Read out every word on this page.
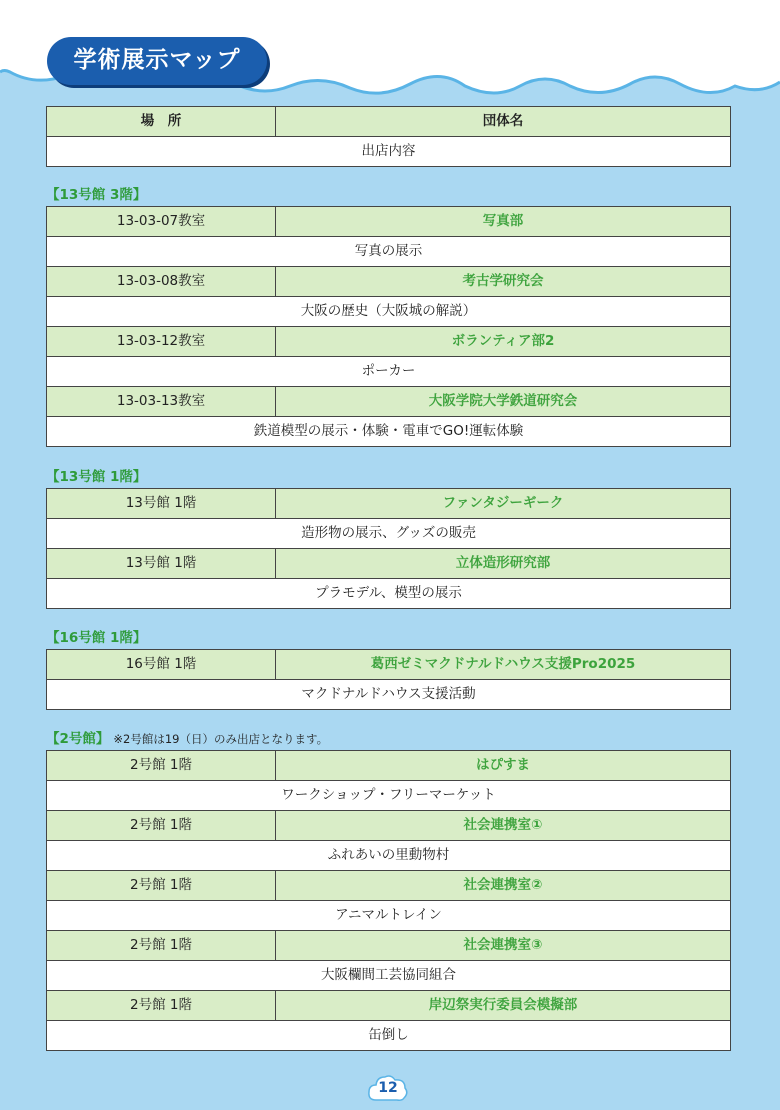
学術展示マップ
場　所	団体名
出店内容
【13号館 3階】
13-03-07教室	写真部
写真の展示	
13-03-08教室	考古学研究会
大阪の歴史（大阪城の解説）	
13-03-12教室	ボランティア部2
ポーカー	
13-03-13教室	大阪学院大学鉄道研究会
鉄道模型の展示・体験・電車でGO!運転体験	
【13号館 1階】
13号館 1階	ファンタジーギーク
造形物の展示、グッズの販売	
13号館 1階	立体造形研究部
プラモデル、模型の展示	
【16号館 1階】
16号館 1階	葛西ゼミマクドナルドハウス支援Pro2025
マクドナルドハウス支援活動
【2号館】 ※2号館は19（日）のみ出店となります。
2号館 1階	はぴすま
ワークショップ・フリーマーケット	
2号館 1階	社会連携室①
ふれあいの里動物村	
2号館 1階	社会連携室②
アニマルトレイン	
2号館 1階	社会連携室③
大阪欄間工芸協同組合	
2号館 1階	岸辺祭実行委員会模擬部
缶倒し	
12
